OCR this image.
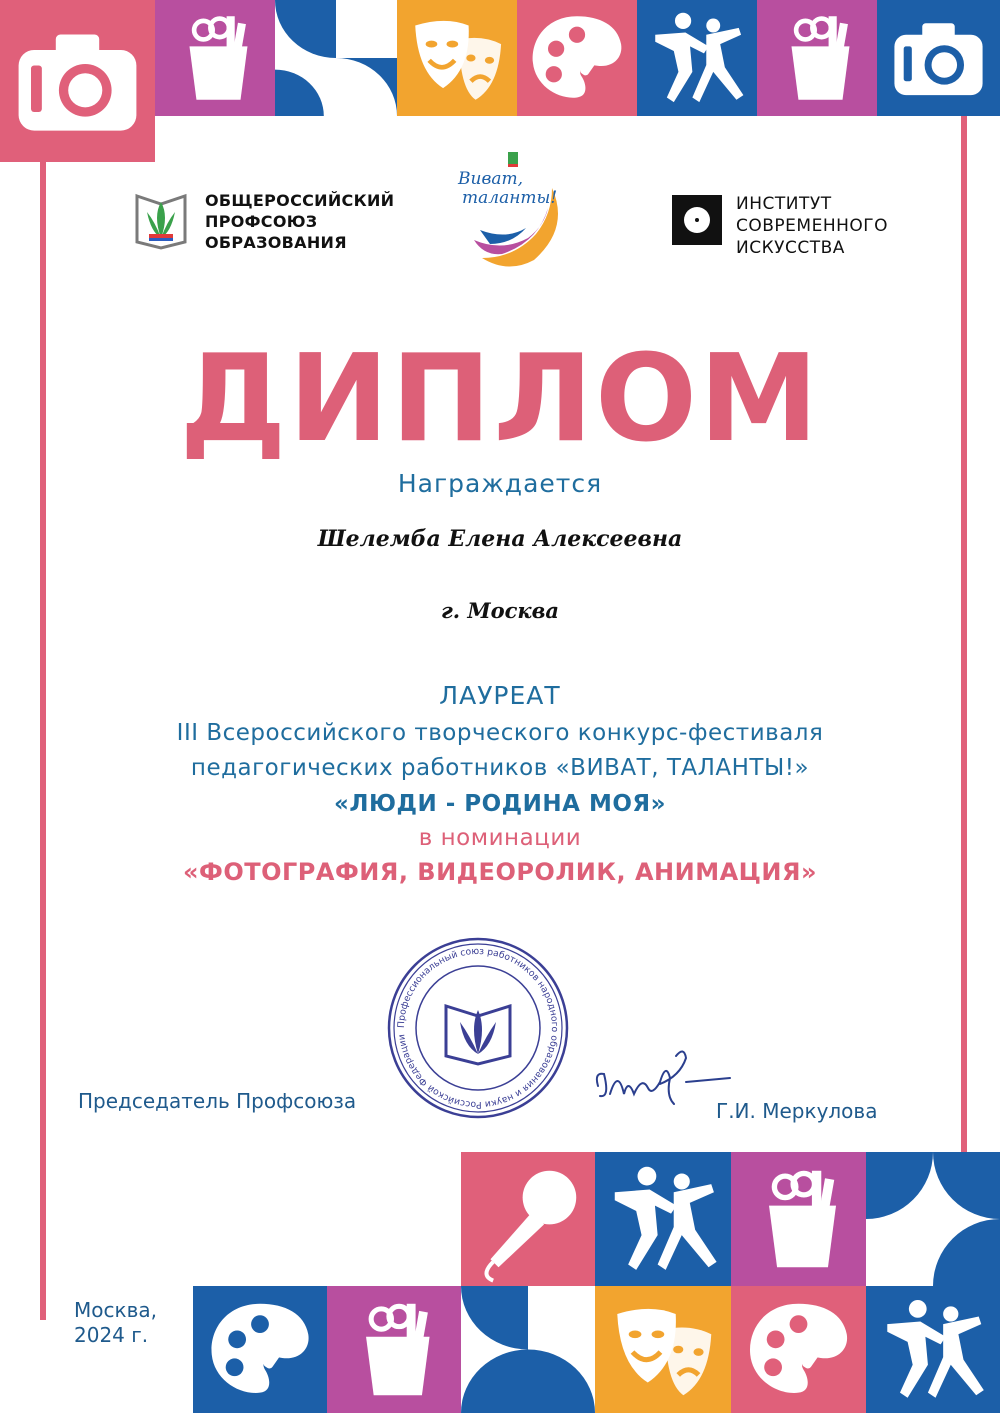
ОБЩЕРОССИЙСКИЙ
ПРОФСОЮЗ
ОБРАЗОВАНИЯ
Виват,
таланты!	ИНСТИТУТ
СОВРЕМЕННОГО
ИСКУССТВА
ДИПЛОМ
Награждается
Шелемба Елена Алексеевна
г. Москва
ЛАУРЕАТ
III Всероссийского творческого конкурс-фестиваля
педагогических работников «ВИВАТ, ТАЛАНТЫ!»
«ЛЮДИ - РОДИНА МОЯ»
в номинации
«ФОТОГРАФИЯ, ВИДЕОРОЛИК, АНИМАЦИЯ»
Профессиональный союз работников народного образования и науки Российской Федерации
Председатель Профсоюза	Г.И. Меркулова
Москва,
2024 г.
